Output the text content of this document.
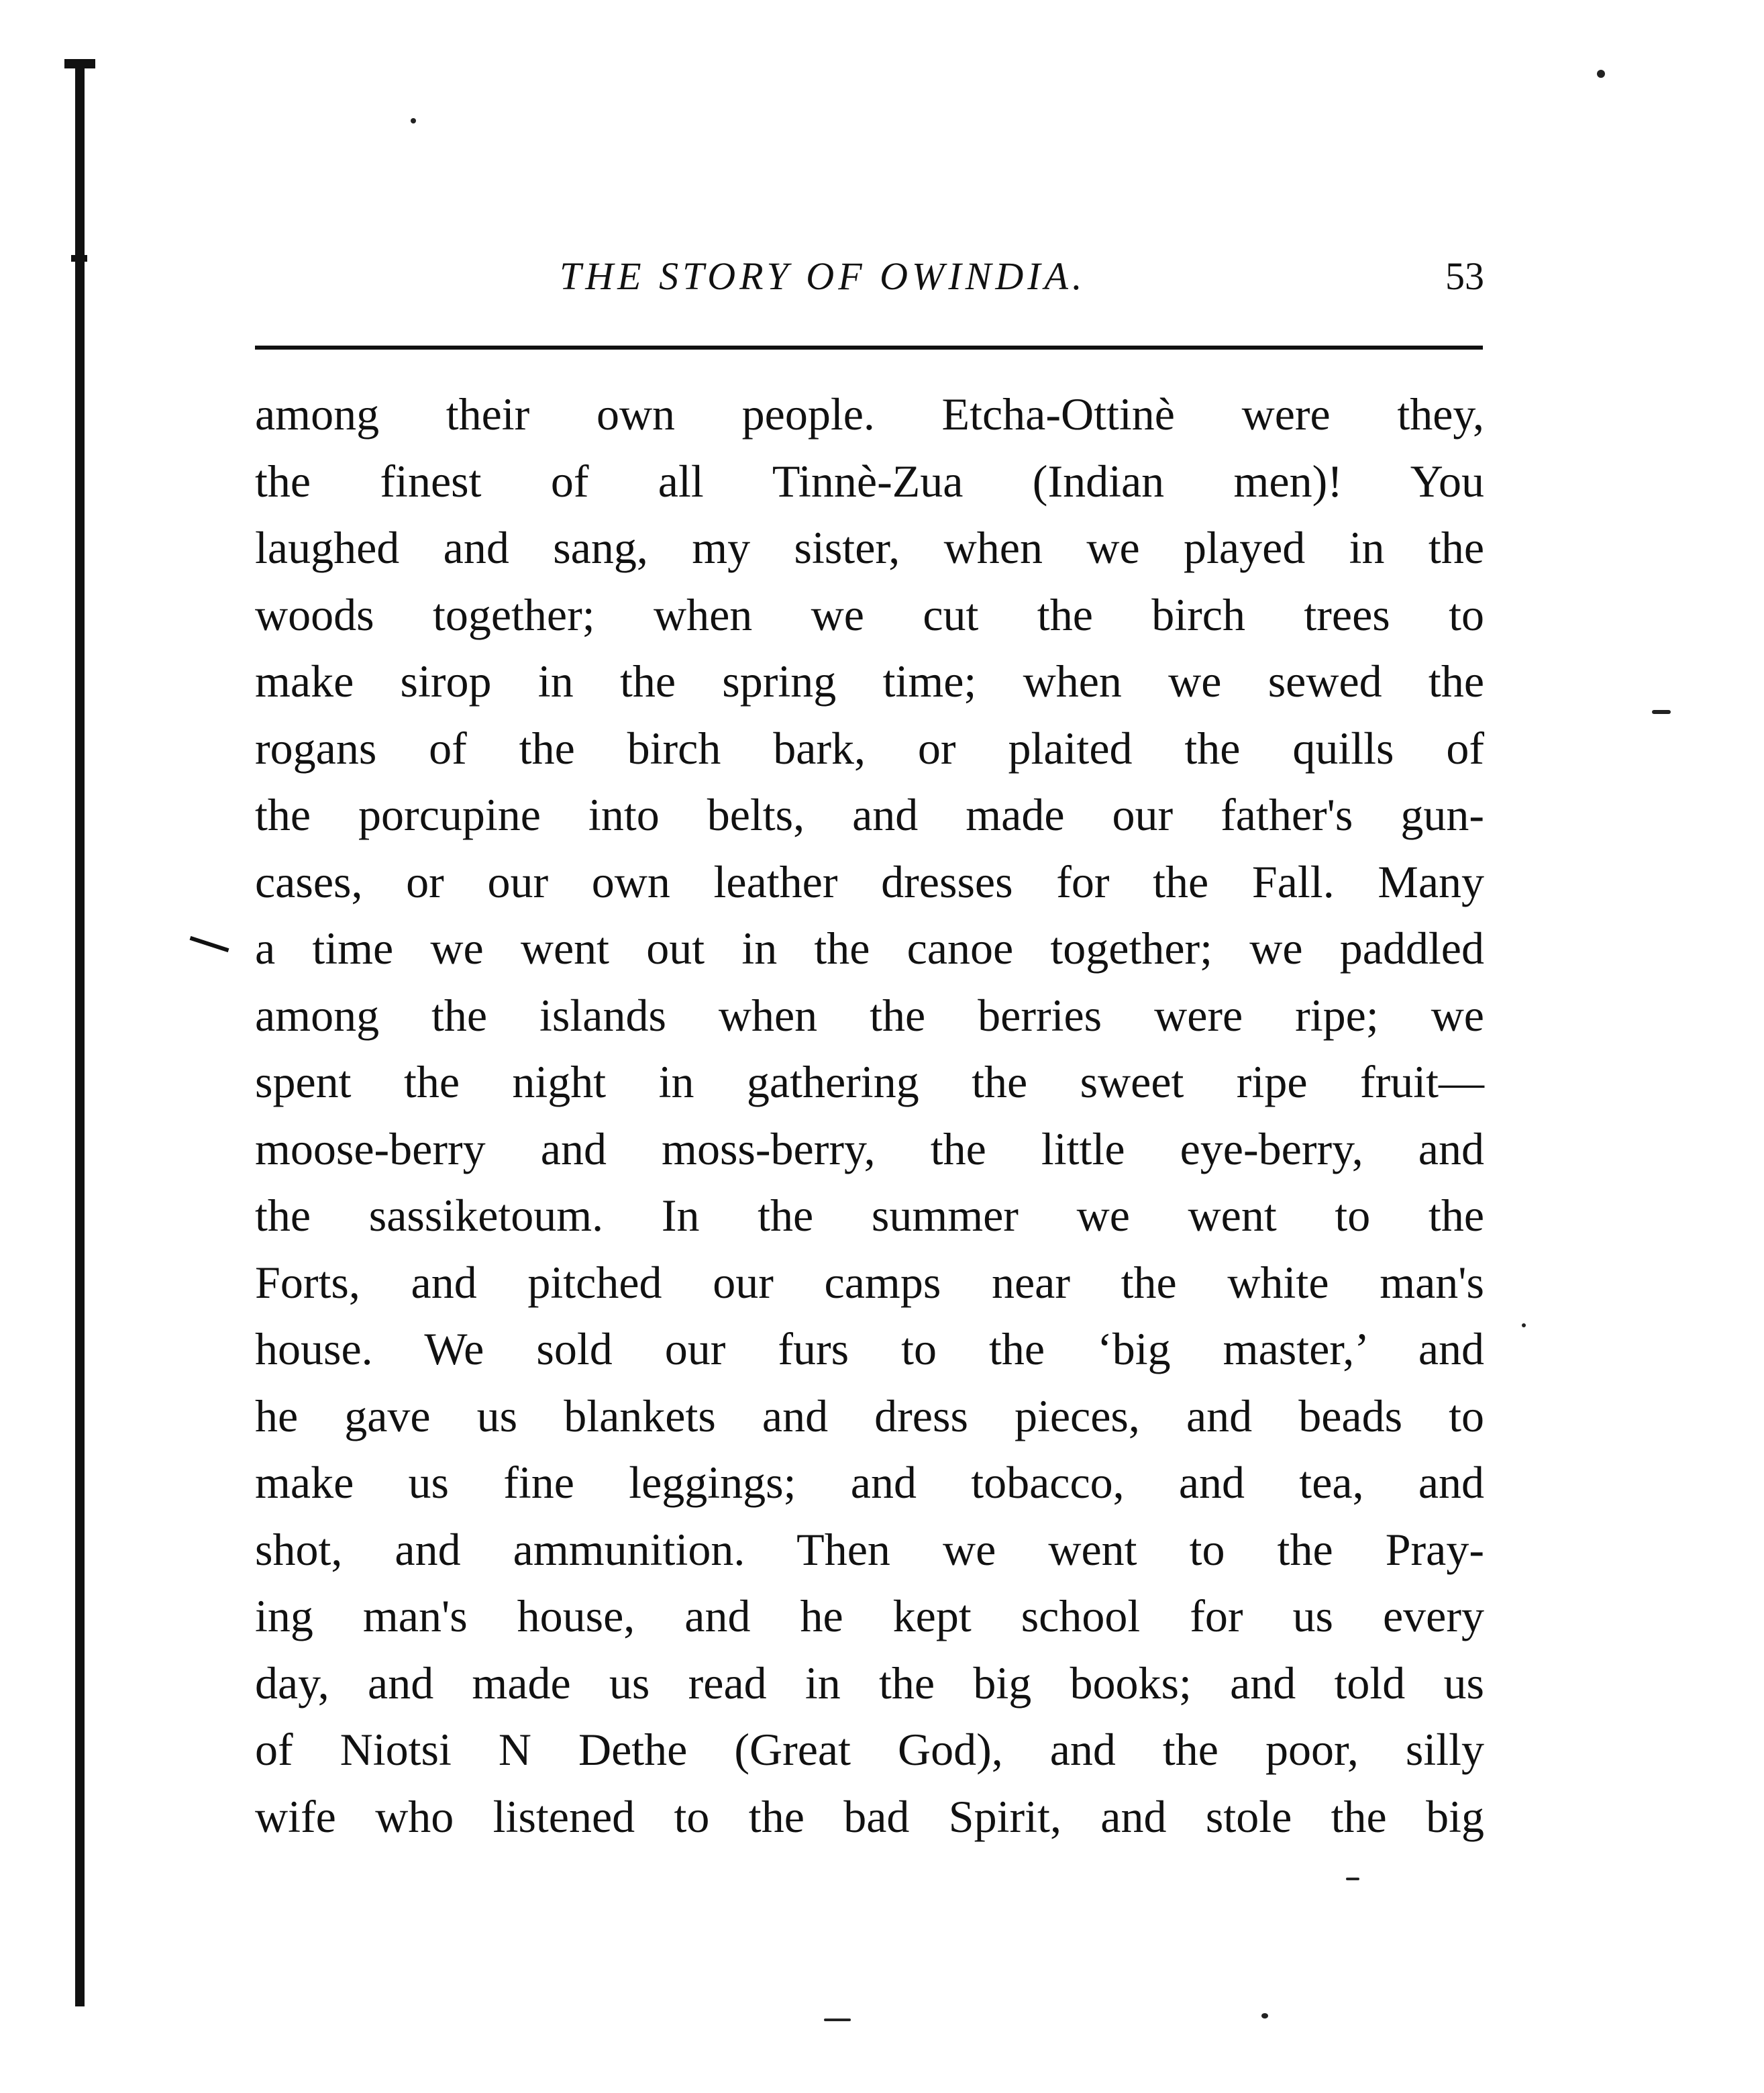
THE STORY OF OWINDIA.	53
among their own people. Etcha-Ottinè were they,
the finest of all Tinnè-Zua (Indian men)! You
laughed and sang, my sister, when we played in the
woods together; when we cut the birch trees to
make sirop in the spring time; when we sewed the
rogans of the birch bark, or plaited the quills of
the porcupine into belts, and made our father's gun-
cases, or our own leather dresses for the Fall. Many
a time we went out in the canoe together; we paddled
among the islands when the berries were ripe; we
spent the night in gathering the sweet ripe fruit—
moose-berry and moss-berry, the little eye-berry, and
the sassiketoum. In the summer we went to the
Forts, and pitched our camps near the white man's
house. We sold our furs to the ‘big master,’ and
he gave us blankets and dress pieces, and beads to
make us fine leggings; and tobacco, and tea, and
shot, and ammunition. Then we went to the Pray-
ing man's house, and he kept school for us every
day, and made us read in the big books; and told us
of Niotsi N Dethe (Great God), and the poor, silly
wife who listened to the bad Spirit, and stole the big
